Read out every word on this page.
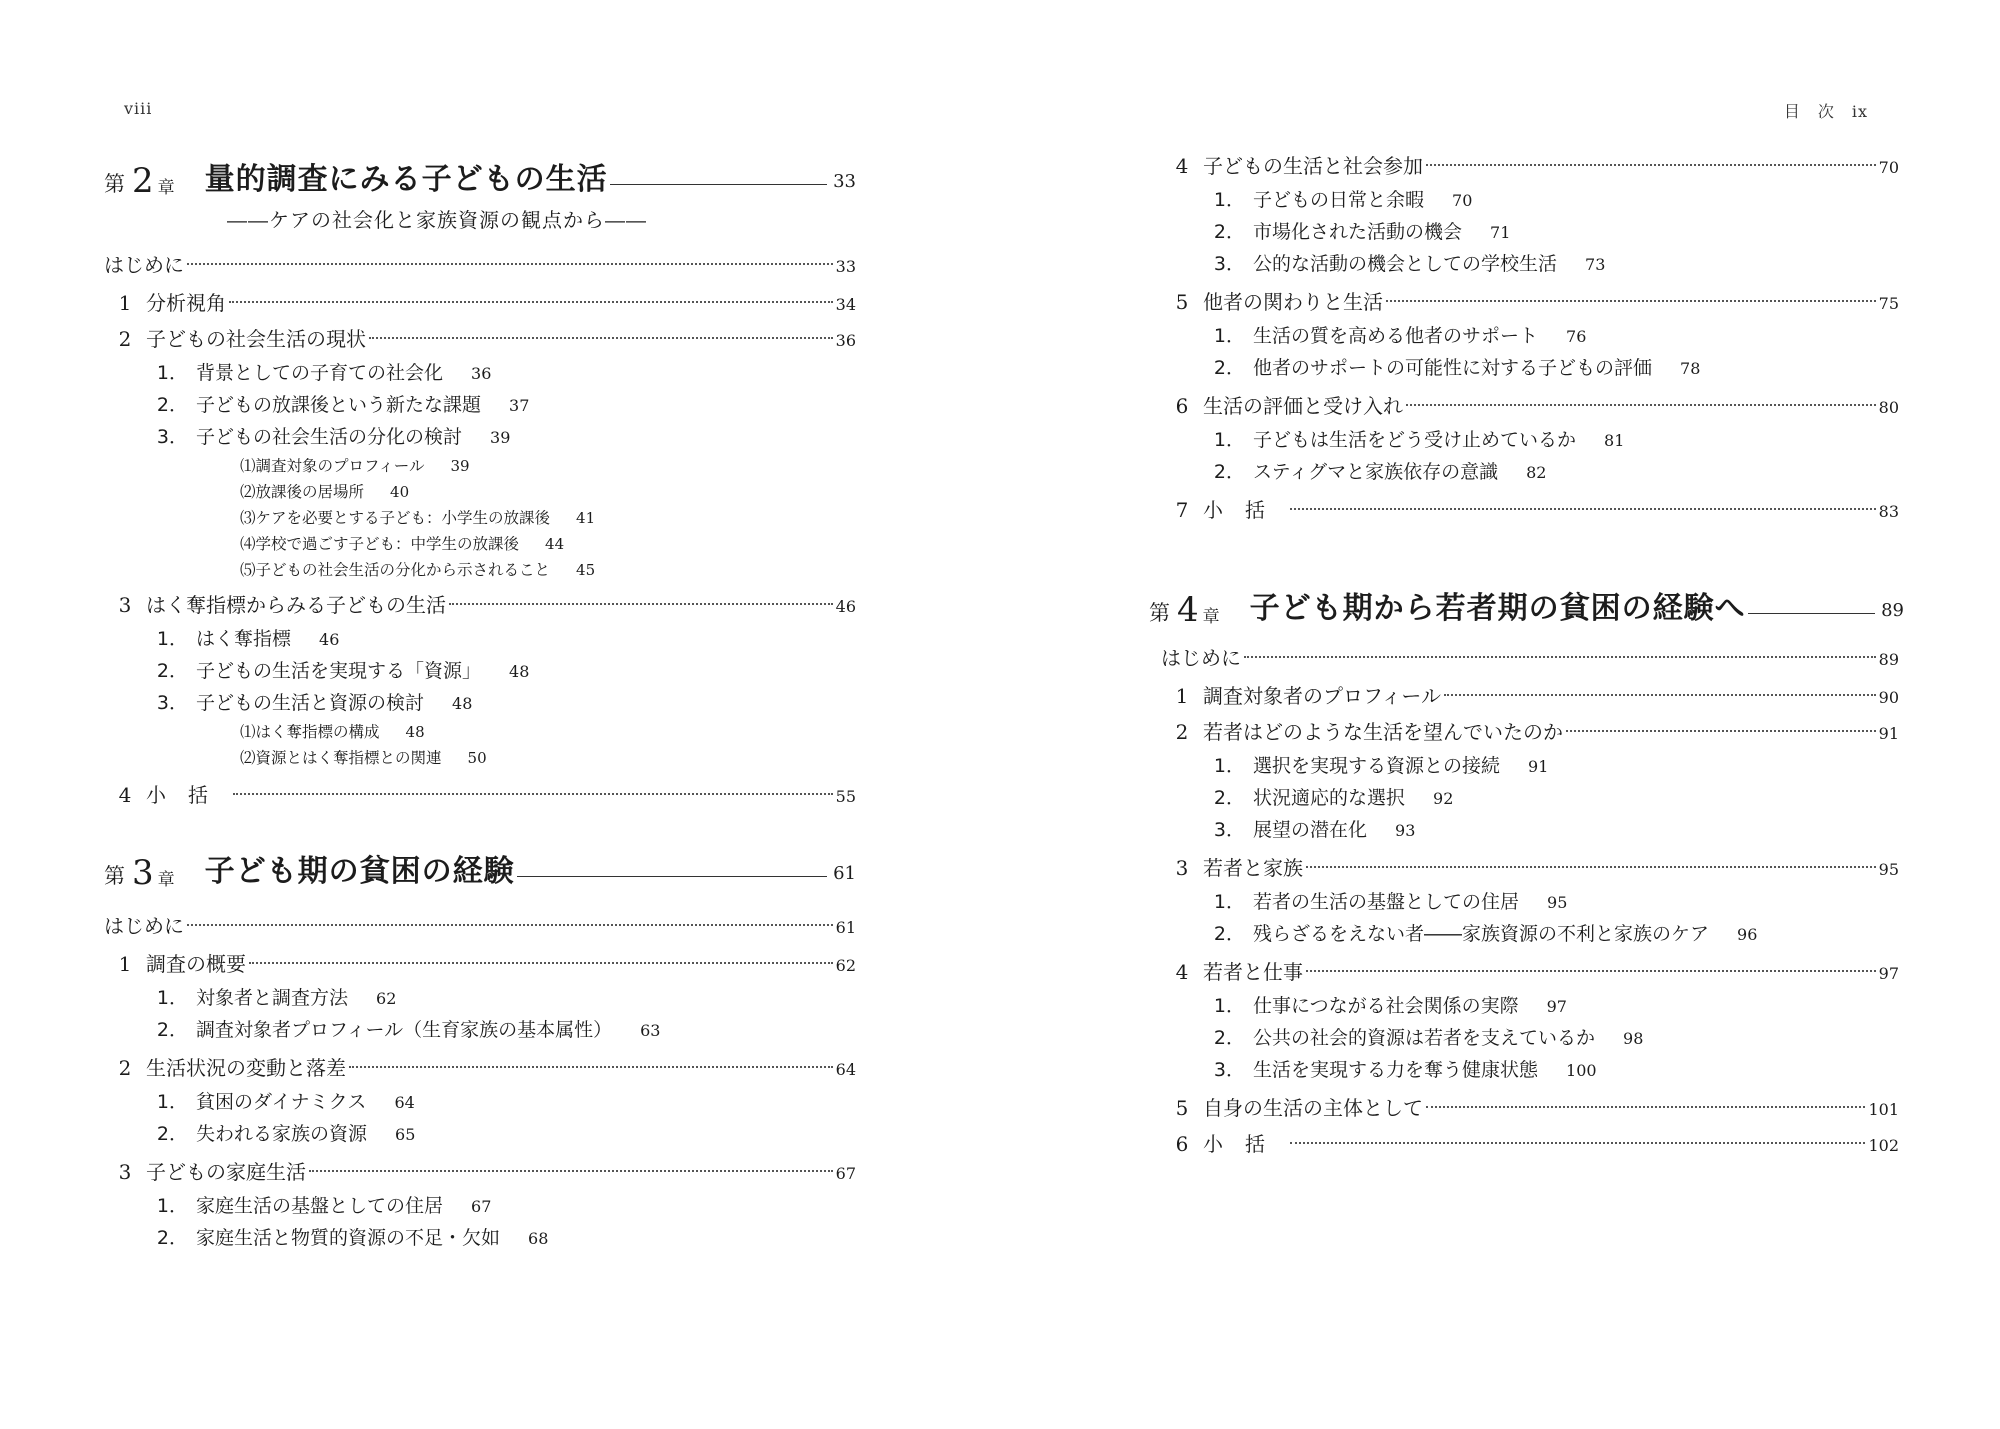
viii
第 2 章 量的調査にみる子どもの生活	33
――ケアの社会化と家族資源の観点から――
はじめに	33
1 分析視角	34
2 子どもの社会生活の現状	36
1． 背景としての子育ての社会化 36
2． 子どもの放課後という新たな課題 37
3． 子どもの社会生活の分化の検討 39
⑴調査対象のプロフィール 39
⑵放課後の居場所 40
⑶ケアを必要とする子ども：小学生の放課後 41
⑷学校で過ごす子ども：中学生の放課後 44
⑸子どもの社会生活の分化から示されること 45
3 はく奪指標からみる子どもの生活	46
1． はく奪指標 46
2． 子どもの生活を実現する「資源」 48
3． 子どもの生活と資源の検討 48
⑴はく奪指標の構成 48
⑵資源とはく奪指標との関連 50
4 小括	55
第 3 章 子ども期の貧困の経験	61
はじめに	61
1 調査の概要	62
1． 対象者と調査方法 62
2． 調査対象者プロフィール（生育家族の基本属性） 63
2 生活状況の変動と落差	64
1． 貧困のダイナミクス 64
2． 失われる家族の資源 65
3 子どもの家庭生活	67
1． 家庭生活の基盤としての住居 67
2． 家庭生活と物質的資源の不足・欠如 68
目　次　ix
4 子どもの生活と社会参加	70
1． 子どもの日常と余暇 70
2． 市場化された活動の機会 71
3． 公的な活動の機会としての学校生活 73
5 他者の関わりと生活	75
1． 生活の質を高める他者のサポート 76
2． 他者のサポートの可能性に対する子どもの評価 78
6 生活の評価と受け入れ	80
1． 子どもは生活をどう受け止めているか 81
2． スティグマと家族依存の意識 82
7 小括	83
第 4 章 子ども期から若者期の貧困の経験へ	89
はじめに	89
1 調査対象者のプロフィール	90
2 若者はどのような生活を望んでいたのか	91
1． 選択を実現する資源との接続 91
2． 状況適応的な選択 92
3． 展望の潜在化 93
3 若者と家族	95
1． 若者の生活の基盤としての住居 95
2． 残らざるをえない者――家族資源の不利と家族のケア 96
4 若者と仕事	97
1． 仕事につながる社会関係の実際 97
2． 公共の社会的資源は若者を支えているか 98
3． 生活を実現する力を奪う健康状態 100
5 自身の生活の主体として	101
6 小括	102
